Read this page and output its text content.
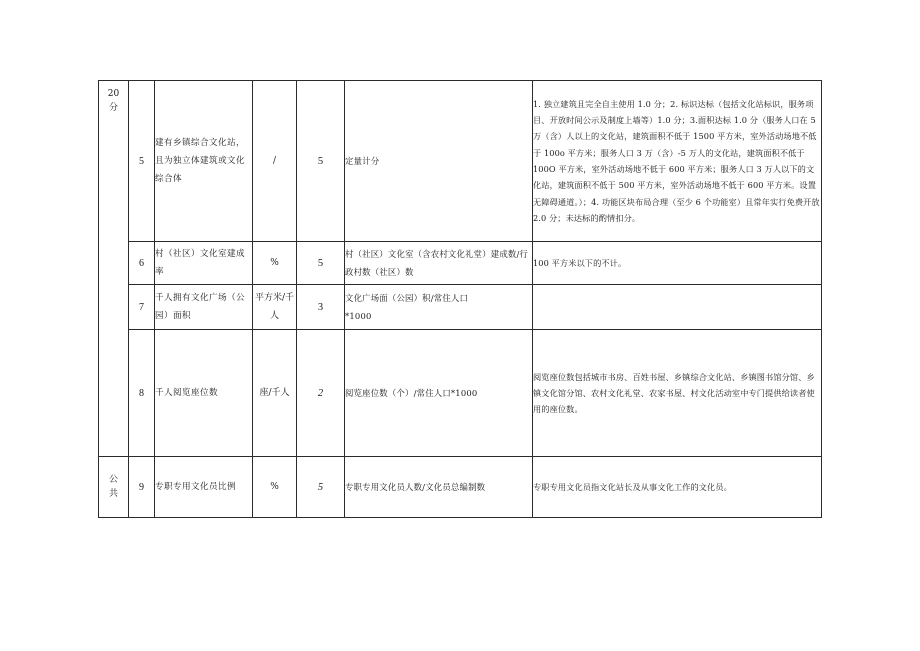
20
分	5	建有乡镇综合文化站，且为独立体建筑或文化综合体	/	5	定量计分	1. 独立建筑且完全自主使用 1.0 分；2. 标识达标（包括文化站标识，服务项目、开放时间公示及制度上墙等）1.0 分；3.面积达标 1.0 分（服务人口在 5 万（含）人以上的文化站，建筑面积不低于 1500 平方米，室外活动场地不低于 100o 平方米；服务人口 3 万（含）-5 万人的文化站，建筑面积不低于 100O 平方米，室外活动场地不低于 600 平方米；服务人口 3 万人以下的文化站，建筑面积不低于 500 平方米，室外活动场地不低于 600 平方米。设置无障碍通道。）；4. 功能区块布局合理（至少 6 个功能室）且常年实行免费开放 2.0 分；未达标的酌情扣分。
	6	村（社区）文化室建成率	%	5	村（社区）文化室（含农村文化礼堂）建成数/行政村数（社区）数	100 平方米以下的不计。
	7	千人拥有文化广场（公园）面积	平方米/千人	3	文化广场面（公园）积/常住人口
*1000	
	8	千人阅览座位数	座/千人	2	阅览座位数（个）/常住人口*1000	阅览座位数包括城市书房、百姓书屋、乡镇综合文化站、乡镇图书馆分馆、乡镇文化馆分馆、农村文化礼堂、农家书屋、村文化活动室中专门提供给读者使用的座位数。
公
共	9	专职专用文化员比例	%	5	专职专用文化员人数/文化员总编制数	专职专用文化员指文化站长及从事文化工作的文化员。
